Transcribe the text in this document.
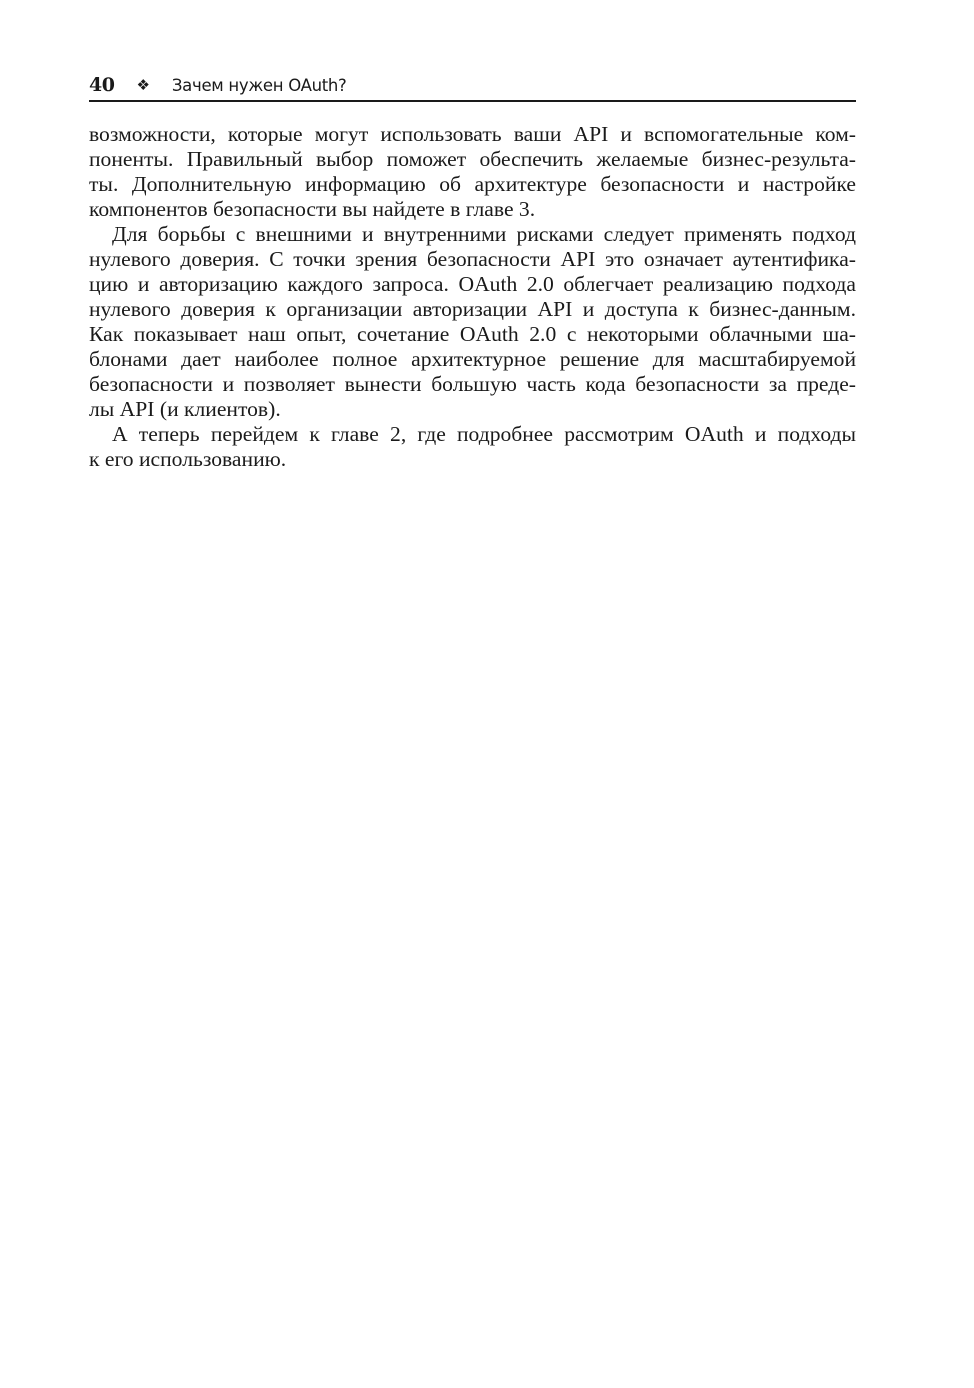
40 ❖ Зачем нужен OAuth?

возможности, которые могут использовать ваши API и вспомогательные ком-
поненты. Правильный выбор поможет обеспечить желаемые бизнес-результа-
ты. Дополнительную информацию об архитектуре безопасности и настройке
компонентов безопасности вы найдете в главе 3.

Для борьбы с внешними и внутренними рисками следует применять подход
нулевого доверия. С точки зрения безопасности API это означает аутентифика-
цию и авторизацию каждого запроса. OAuth 2.0 облегчает реализацию подхода
нулевого доверия к организации авторизации API и доступа к бизнес-данным.
Как показывает наш опыт, сочетание OAuth 2.0 с некоторыми облачными ша-
блонами дает наиболее полное архитектурное решение для масштабируемой
безопасности и позволяет вынести большую часть кода безопасности за преде-
лы API (и клиентов).

А теперь перейдем к главе 2, где подробнее рассмотрим OAuth и подходы
к его использованию.
